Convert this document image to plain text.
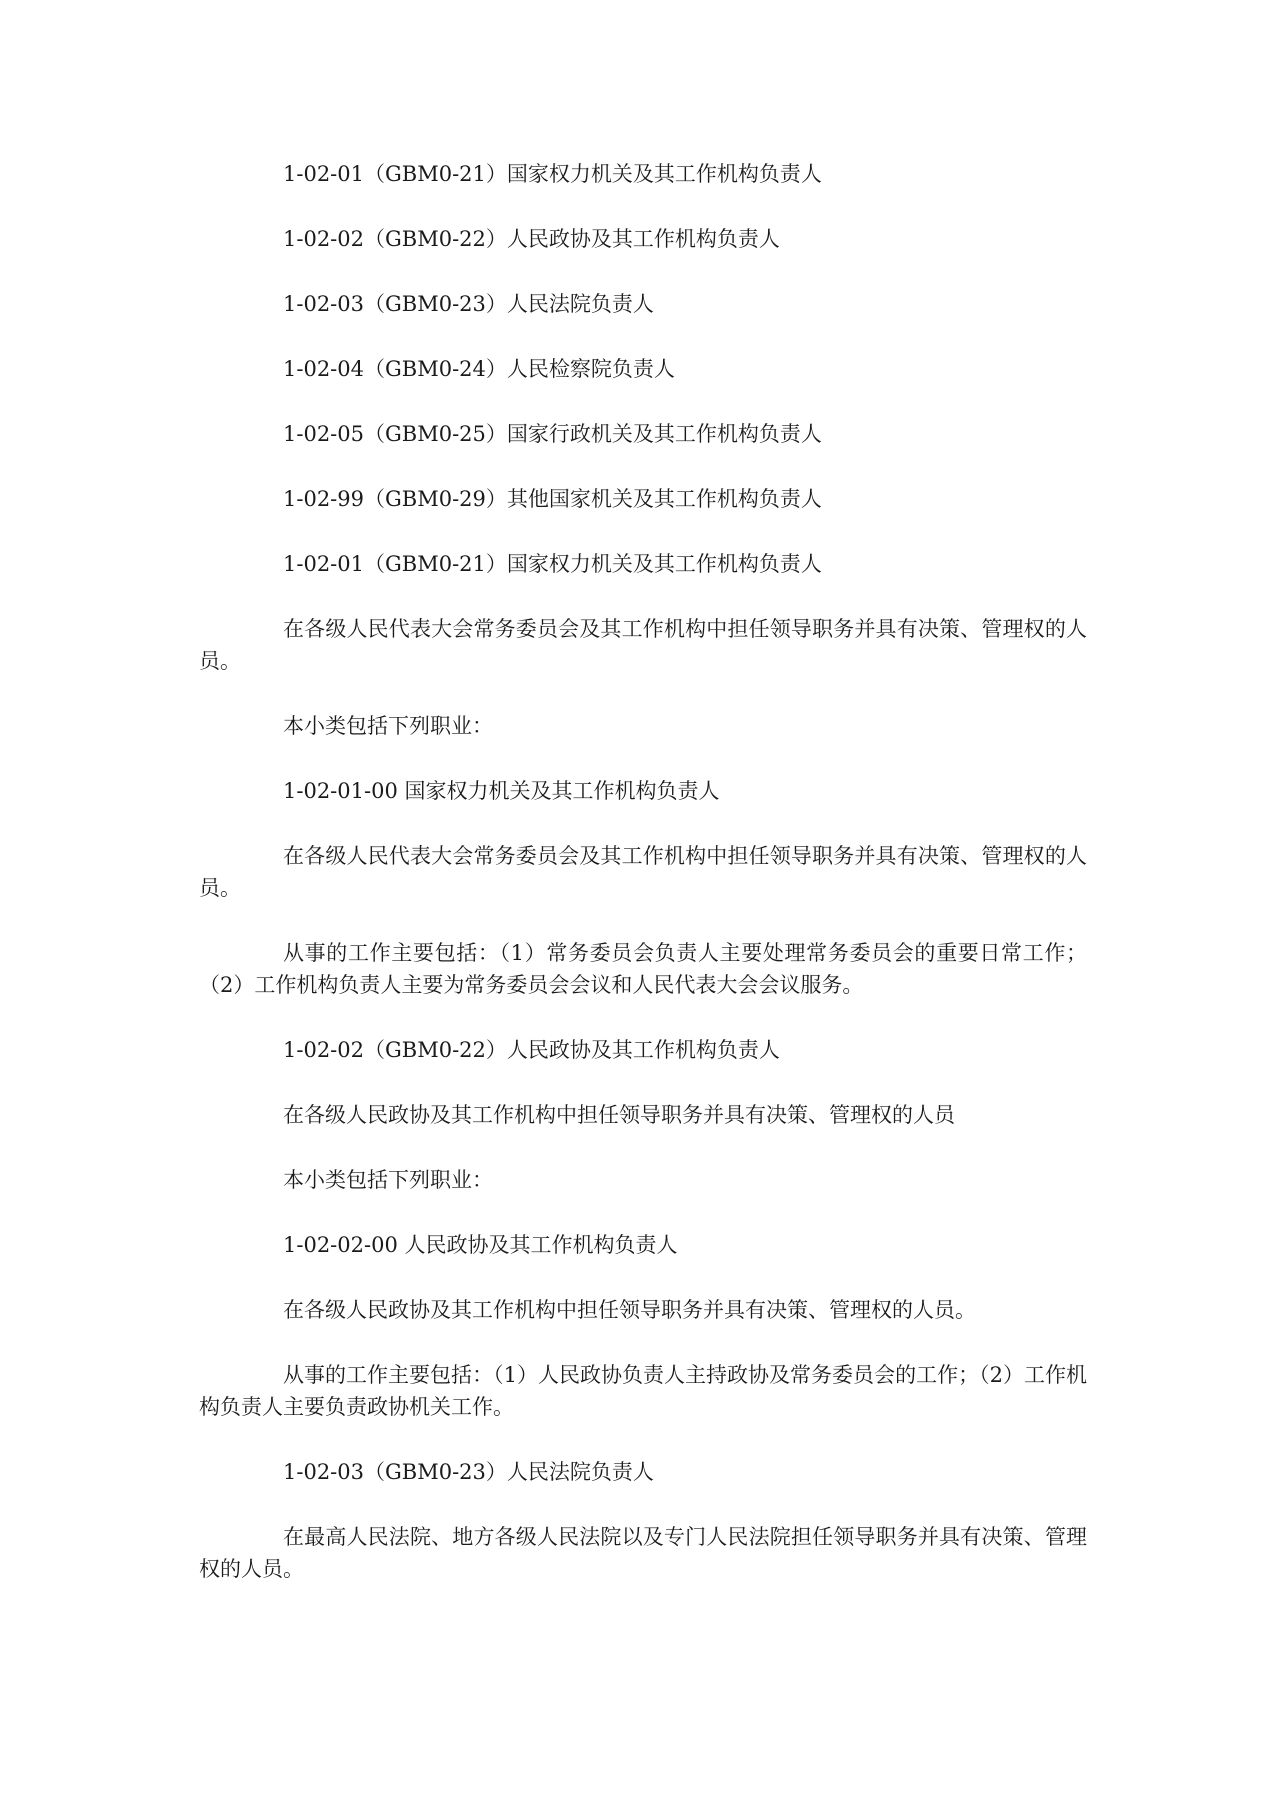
1-02-01（GBM0-21）国家权力机关及其工作机构负责人

1-02-02（GBM0-22）人民政协及其工作机构负责人

1-02-03（GBM0-23）人民法院负责人

1-02-04（GBM0-24）人民检察院负责人

1-02-05（GBM0-25）国家行政机关及其工作机构负责人

1-02-99（GBM0-29）其他国家机关及其工作机构负责人

1-02-01（GBM0-21）国家权力机关及其工作机构负责人

在各级人民代表大会常务委员会及其工作机构中担任领导职务并具有决策、管理权的人员。

本小类包括下列职业：

1-02-01-00 国家权力机关及其工作机构负责人

在各级人民代表大会常务委员会及其工作机构中担任领导职务并具有决策、管理权的人员。

从事的工作主要包括：（1）常务委员会负责人主要处理常务委员会的重要日常工作；（2）工作机构负责人主要为常务委员会会议和人民代表大会会议服务。

1-02-02（GBM0-22）人民政协及其工作机构负责人

在各级人民政协及其工作机构中担任领导职务并具有决策、管理权的人员

本小类包括下列职业：

1-02-02-00 人民政协及其工作机构负责人

在各级人民政协及其工作机构中担任领导职务并具有决策、管理权的人员。

从事的工作主要包括：（1）人民政协负责人主持政协及常务委员会的工作；（2）工作机构负责人主要负责政协机关工作。

1-02-03（GBM0-23）人民法院负责人

在最高人民法院、地方各级人民法院以及专门人民法院担任领导职务并具有决策、管理权的人员。
